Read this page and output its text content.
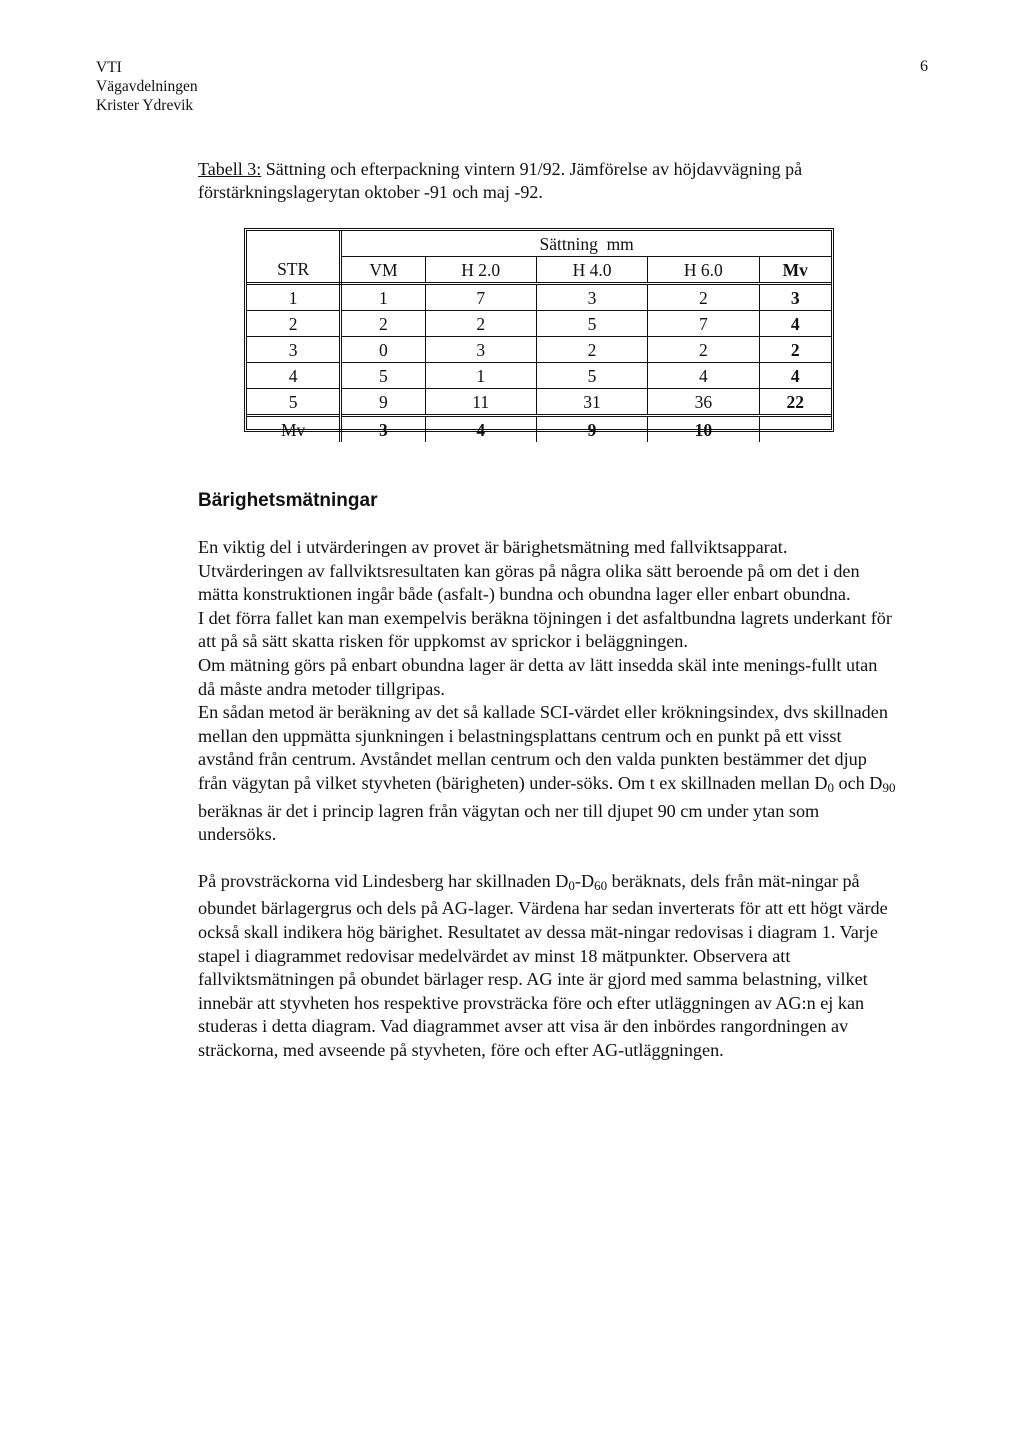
VTI
Vägavdelningen
Krister Ydrevik
6
Tabell 3: Sättning och efterpackning vintern 91/92. Jämförelse av höjdavvägning på förstärkningslagerytan oktober -91 och maj -92.
	Sättning  mm				
STR	VM	H 2.0	H 4.0	H 6.0	Mv
1	1	7	3	2	3
2	2	2	5	7	4
3	0	3	2	2	2
4	5	1	5	4	4
5	9	11	31	36	22
Mv	3	4	9	10	
Bärighetsmätningar

En viktig del i utvärderingen av provet är bärighetsmätning med fallviktsapparat.

Utvärderingen av fallviktsresultaten kan göras på några olika sätt beroende på om det i den mätta konstruktionen ingår både (asfalt-) bundna och obundna lager eller enbart obundna.

I det förra fallet kan man exempelvis beräkna töjningen i det asfaltbundna lagrets underkant för att på så sätt skatta risken för uppkomst av sprickor i beläggningen.

Om mätning görs på enbart obundna lager är detta av lätt insedda skäl inte menings-fullt utan då måste andra metoder tillgripas.

En sådan metod är beräkning av det så kallade SCI-värdet eller krökningsindex, dvs skillnaden mellan den uppmätta sjunkningen i belastningsplattans centrum och en punkt på ett visst avstånd från centrum. Avståndet mellan centrum och den valda punkten bestämmer det djup från vägytan på vilket styvheten (bärigheten) under-söks. Om t ex skillnaden mellan $D_0$ och $D_{90}$ beräknas är det i princip lagren från vägytan och ner till djupet 90 cm under ytan som undersöks.

På provsträckorna vid Lindesberg har skillnaden $D_0-D_{60}$ beräknats, dels från mät-ningar på obundet bärlagergrus och dels på AG-lager. Värdena har sedan inverterats för att ett högt värde också skall indikera hög bärighet. Resultatet av dessa mät-ningar redovisas i diagram 1. Varje stapel i diagrammet redovisar medelvärdet av minst 18 mätpunkter. Observera att fallviktsmätningen på obundet bärlager resp. AG inte är gjord med samma belastning, vilket innebär att styvheten hos respektive provsträcka före och efter utläggningen av AG:n ej kan studeras i detta diagram. Vad diagrammet avser att visa är den inbördes rangordningen av sträckorna, med avseende på styvheten, före och efter AG-utläggningen.
